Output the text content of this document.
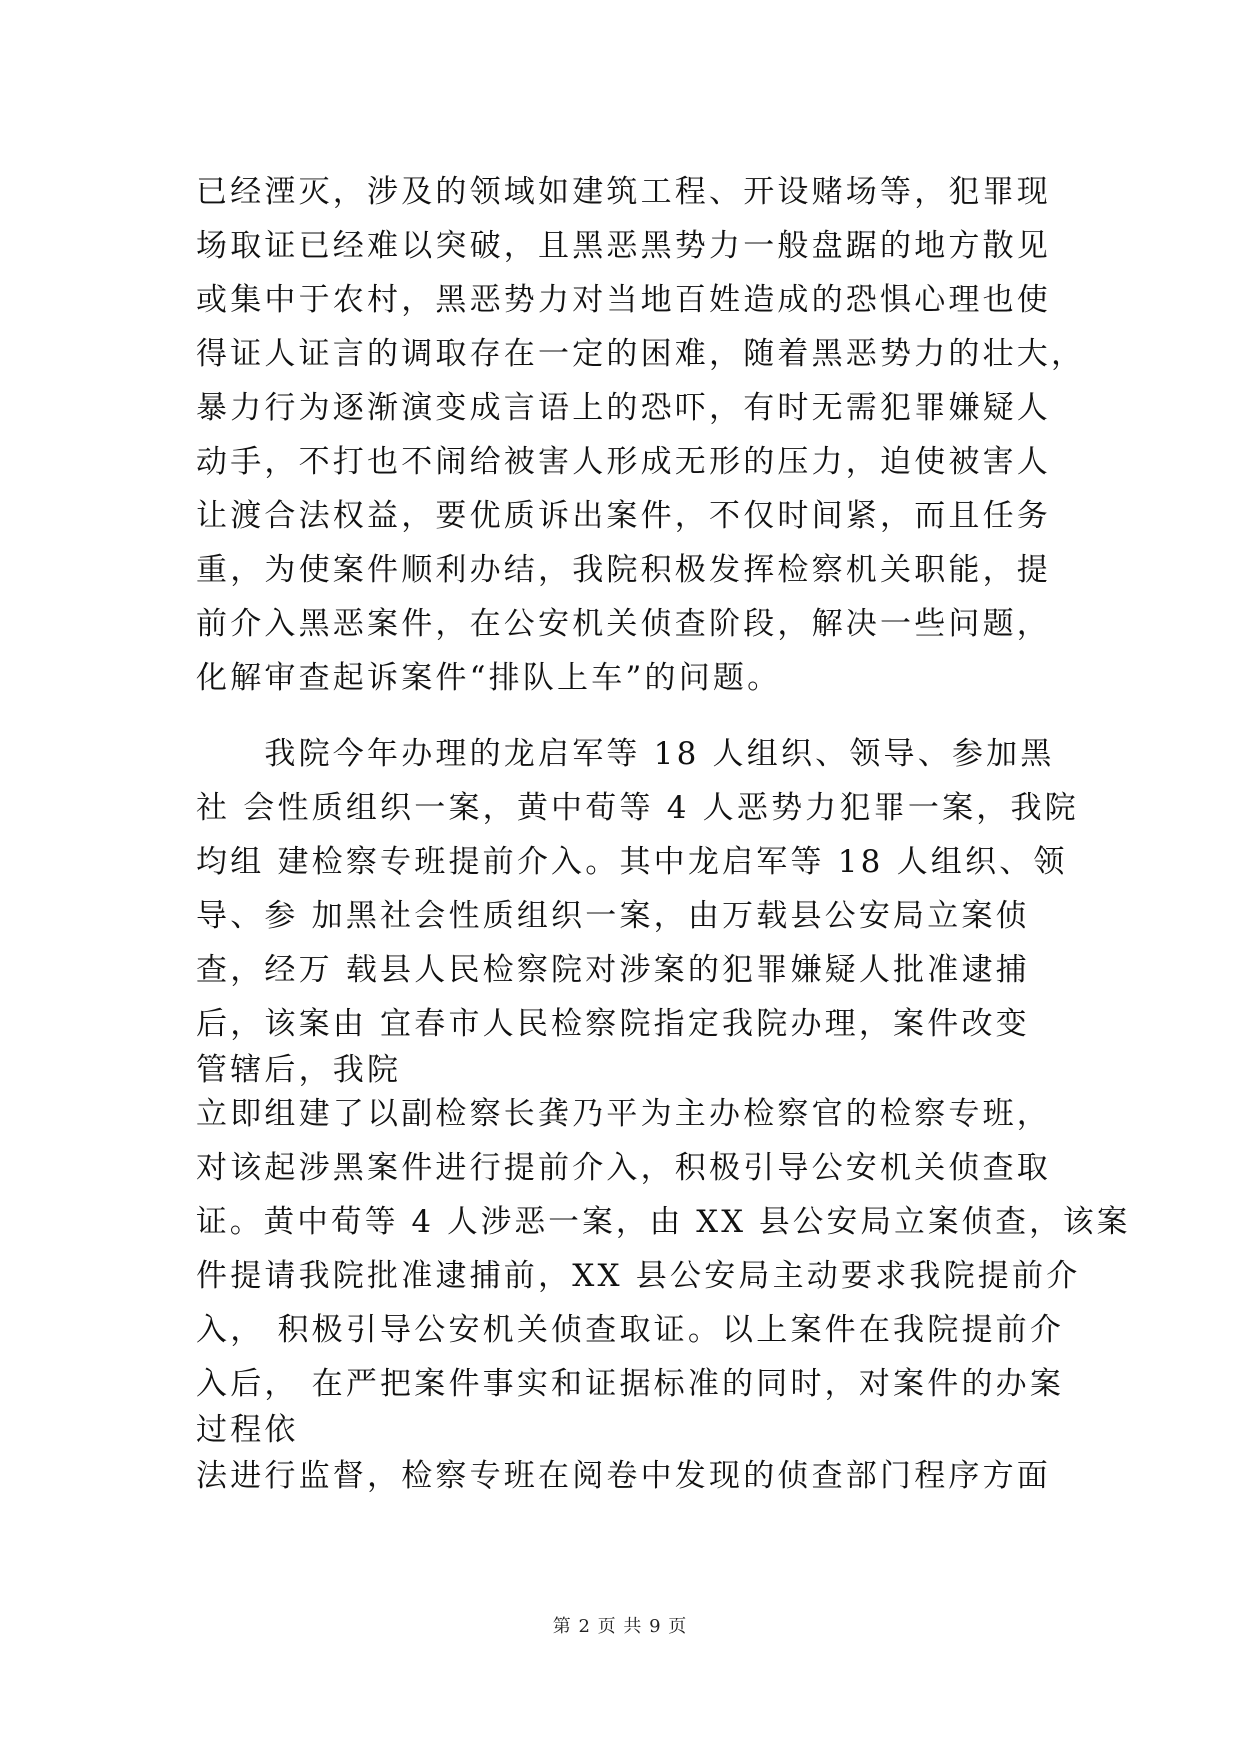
已经湮灭，涉及的领域如建筑工程、开设赌场等，犯罪现
场取证已经难以突破，且黑恶黑势力一般盘踞的地方散见
或集中于农村，黑恶势力对当地百姓造成的恐惧心理也使
得证人证言的调取存在一定的困难，随着黑恶势力的壮大，
暴力行为逐渐演变成言语上的恐吓，有时无需犯罪嫌疑人
动手，不打也不闹给被害人形成无形的压力，迫使被害人
让渡合法权益，要优质诉出案件，不仅时间紧，而且任务
重，为使案件顺利办结，我院积极发挥检察机关职能，提
前介入黑恶案件，在公安机关侦查阶段，解决一些问题，
化解审查起诉案件“排队上车”的问题。
　　我院今年办理的龙启军等 18 人组织、领导、参加黑
社 会性质组织一案，黄中荀等 4 人恶势力犯罪一案，我院
均组 建检察专班提前介入。其中龙启军等 18 人组织、领
导、参 加黑社会性质组织一案，由万载县公安局立案侦
查，经万 载县人民检察院对涉案的犯罪嫌疑人批准逮捕
后，该案由 宜春市人民检察院指定我院办理，案件改变
管辖后，我院
立即组建了以副检察长龚乃平为主办检察官的检察专班，
对该起涉黑案件进行提前介入，积极引导公安机关侦查取
证。黄中荀等 4 人涉恶一案，由 XX 县公安局立案侦查，该案
件提请我院批准逮捕前，XX 县公安局主动要求我院提前介
入， 积极引导公安机关侦查取证。以上案件在我院提前介
入后， 在严把案件事实和证据标准的同时，对案件的办案
过程依
法进行监督，检察专班在阅卷中发现的侦查部门程序方面
第 2 页 共 9 页
